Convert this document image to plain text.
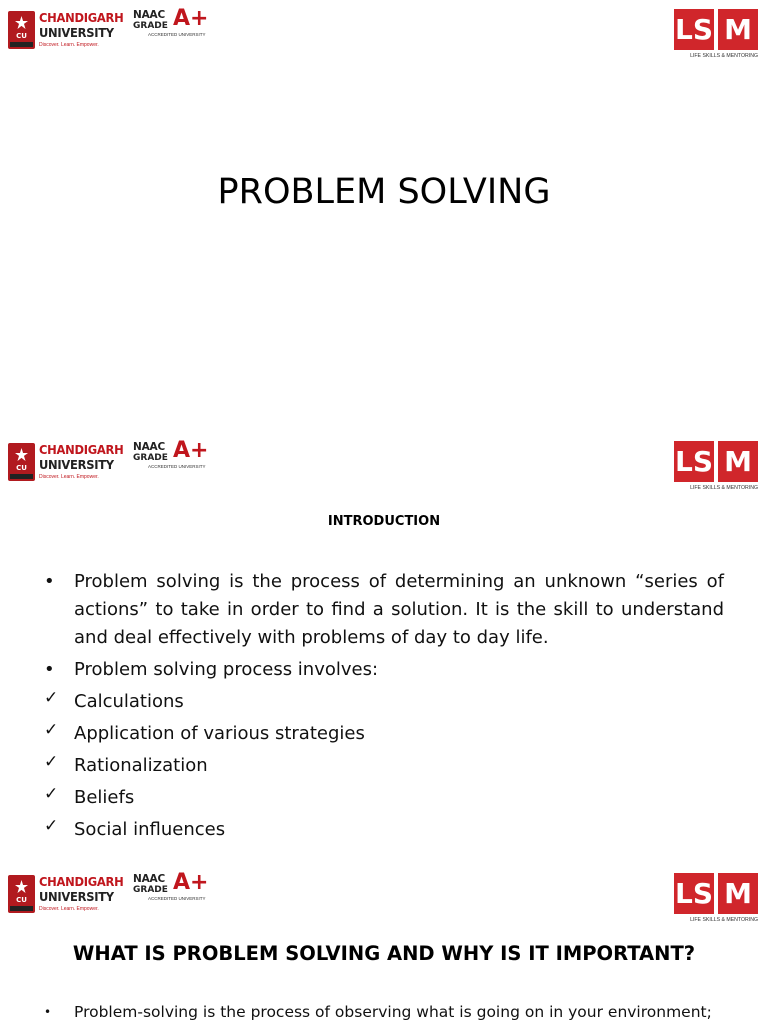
CU
CHANDIGARH
UNIVERSITY
Discover. Learn. Empower.
NAAC
GRADE A+
ACCREDITED UNIVERSITY	LS M
LIFE SKILLS & MENTORING
PROBLEM SOLVING
CU
CHANDIGARH
UNIVERSITY
Discover. Learn. Empower.
NAAC
GRADE A+
ACCREDITED UNIVERSITY	LS M
LIFE SKILLS & MENTORING
INTRODUCTION
• Problem solving is the process of determining an unknown “series of actions” to take in order to find a solution. It is the skill to understand and deal effectively with problems of day to day life.
• Problem solving process involves:
✓ Calculations
✓ Application of various strategies
✓ Rationalization
✓ Beliefs
✓ Social influences
CU
CHANDIGARH
UNIVERSITY
Discover. Learn. Empower.
NAAC
GRADE A+
ACCREDITED UNIVERSITY	LS M
LIFE SKILLS & MENTORING
WHAT IS PROBLEM SOLVING AND WHY IS IT IMPORTANT?
• Problem-solving is the process of observing what is going on in your environment;
